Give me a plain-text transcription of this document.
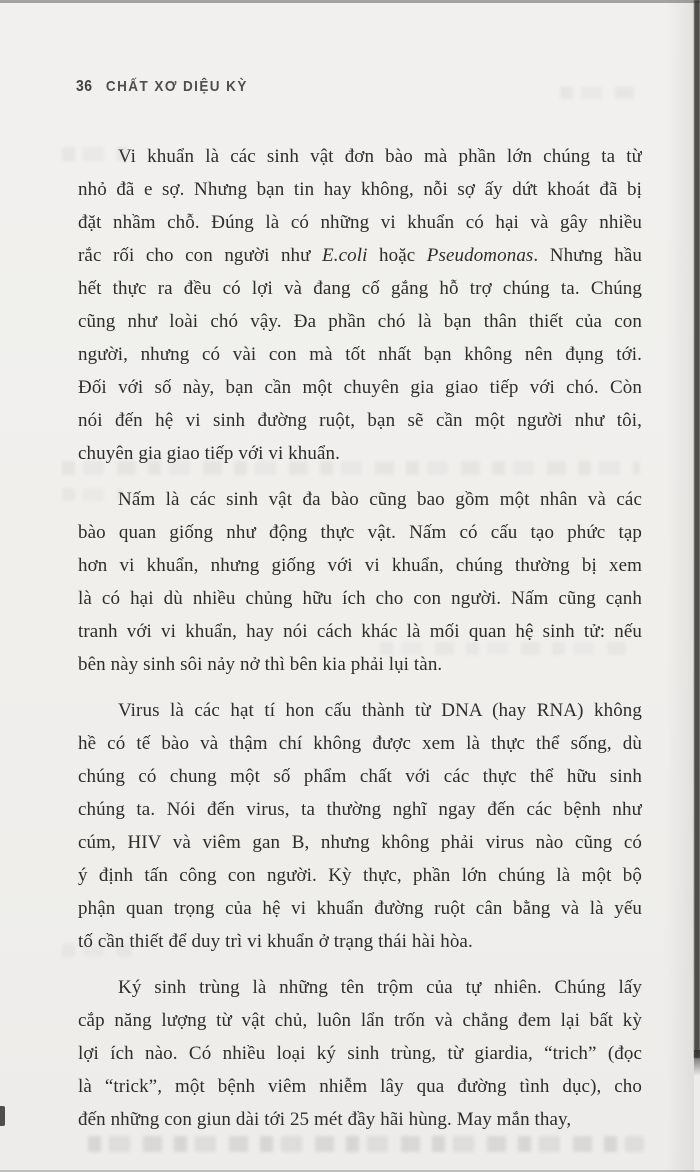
36 CHẤT XƠ DIỆU KỲ
Vi khuẩn là các sinh vật đơn bào mà phần lớn chúng ta từ
nhỏ đã e sợ. Nhưng bạn tin hay không, nỗi sợ ấy dứt khoát đã bị
đặt nhầm chỗ. Đúng là có những vi khuẩn có hại và gây nhiều
rắc rối cho con người như E.coli hoặc Pseudomonas. Nhưng hầu
hết thực ra đều có lợi và đang cố gắng hỗ trợ chúng ta. Chúng
cũng như loài chó vậy. Đa phần chó là bạn thân thiết của con
người, nhưng có vài con mà tốt nhất bạn không nên đụng tới.
Đối với số này, bạn cần một chuyên gia giao tiếp với chó. Còn
nói đến hệ vi sinh đường ruột, bạn sẽ cần một người như tôi,
chuyên gia giao tiếp với vi khuẩn.
Nấm là các sinh vật đa bào cũng bao gồm một nhân và các
bào quan giống như động thực vật. Nấm có cấu tạo phức tạp
hơn vi khuẩn, nhưng giống với vi khuẩn, chúng thường bị xem
là có hại dù nhiều chủng hữu ích cho con người. Nấm cũng cạnh
tranh với vi khuẩn, hay nói cách khác là mối quan hệ sinh tử: nếu
bên này sinh sôi nảy nở thì bên kia phải lụi tàn.
Virus là các hạt tí hon cấu thành từ DNA (hay RNA) không
hề có tế bào và thậm chí không được xem là thực thể sống, dù
chúng có chung một số phẩm chất với các thực thể hữu sinh
chúng ta. Nói đến virus, ta thường nghĩ ngay đến các bệnh như
cúm, HIV và viêm gan B, nhưng không phải virus nào cũng có
ý định tấn công con người. Kỳ thực, phần lớn chúng là một bộ
phận quan trọng của hệ vi khuẩn đường ruột cân bằng và là yếu
tố cần thiết để duy trì vi khuẩn ở trạng thái hài hòa.
Ký sinh trùng là những tên trộm của tự nhiên. Chúng lấy
cắp năng lượng từ vật chủ, luôn lẩn trốn và chẳng đem lại bất kỳ
lợi ích nào. Có nhiều loại ký sinh trùng, từ giardia, “trich” (đọc
là “trick”, một bệnh viêm nhiễm lây qua đường tình dục), cho
đến những con giun dài tới 25 mét đầy hãi hùng. May mắn thay,
